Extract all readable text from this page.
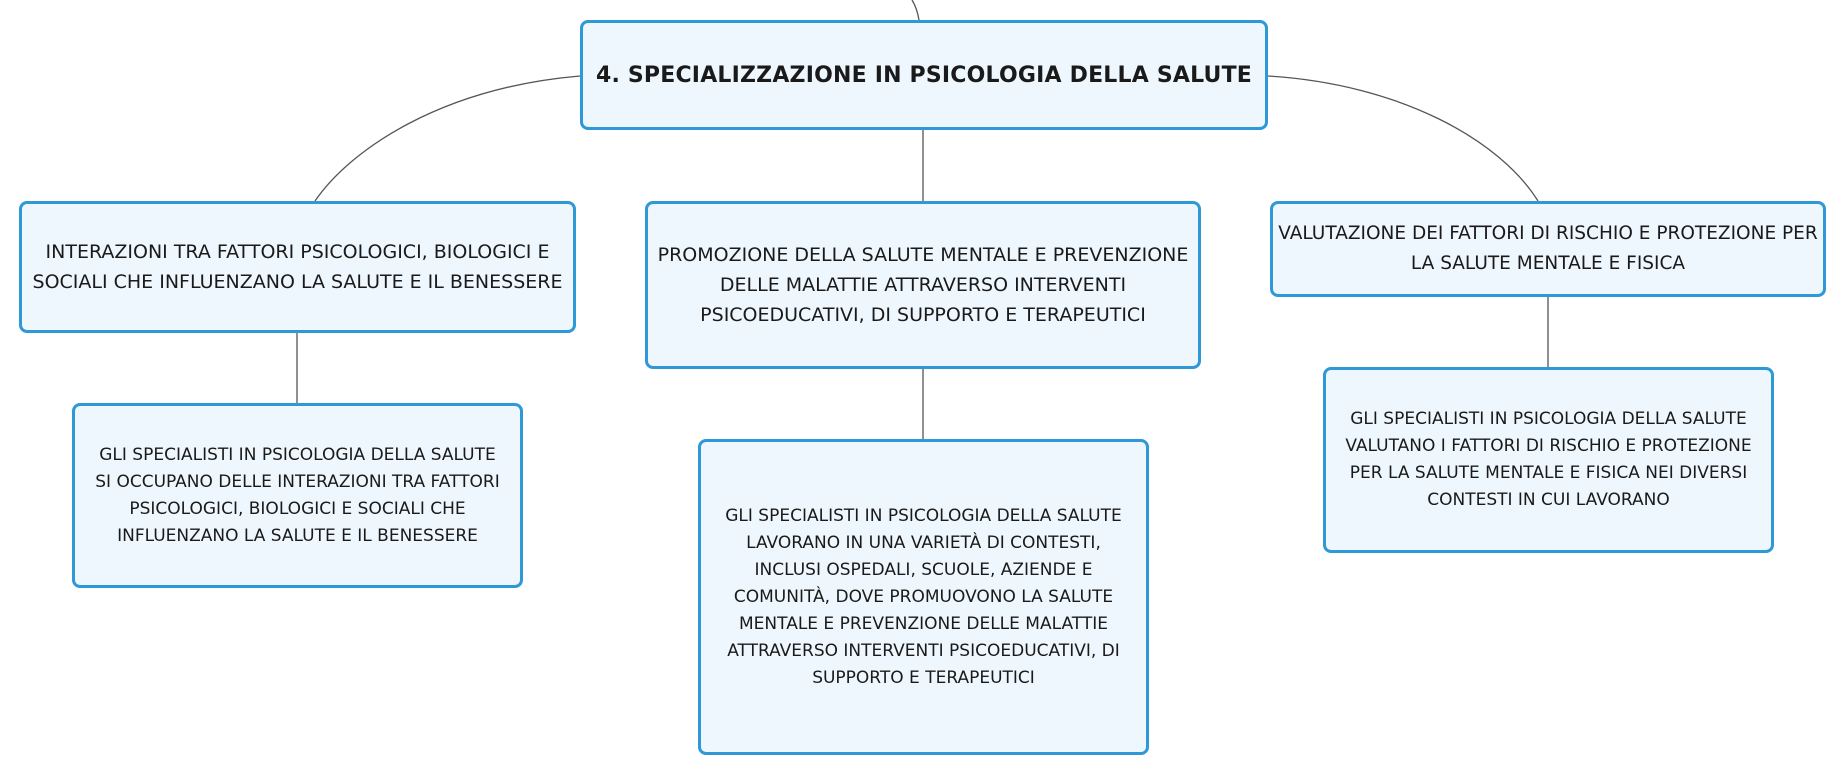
4. SPECIALIZZAZIONE IN PSICOLOGIA DELLA SALUTE
INTERAZIONI TRA FATTORI PSICOLOGICI, BIOLOGICI E SOCIALI CHE INFLUENZANO LA SALUTE E IL BENESSERE
PROMOZIONE DELLA SALUTE MENTALE E PREVENZIONE DELLE MALATTIE ATTRAVERSO INTERVENTI PSICOEDUCATIVI, DI SUPPORTO E TERAPEUTICI
VALUTAZIONE DEI FATTORI DI RISCHIO E PROTEZIONE PER LA SALUTE MENTALE E FISICA
GLI SPECIALISTI IN PSICOLOGIA DELLA SALUTE SI OCCUPANO DELLE INTERAZIONI TRA FATTORI PSICOLOGICI, BIOLOGICI E SOCIALI CHE INFLUENZANO LA SALUTE E IL BENESSERE
GLI SPECIALISTI IN PSICOLOGIA DELLA SALUTE LAVORANO IN UNA VARIETÀ DI CONTESTI, INCLUSI OSPEDALI, SCUOLE, AZIENDE E COMUNITÀ, DOVE PROMUOVONO LA SALUTE MENTALE E PREVENZIONE DELLE MALATTIE ATTRAVERSO INTERVENTI PSICOEDUCATIVI, DI SUPPORTO E TERAPEUTICI
GLI SPECIALISTI IN PSICOLOGIA DELLA SALUTE VALUTANO I FATTORI DI RISCHIO E PROTEZIONE PER LA SALUTE MENTALE E FISICA NEI DIVERSI CONTESTI IN CUI LAVORANO
